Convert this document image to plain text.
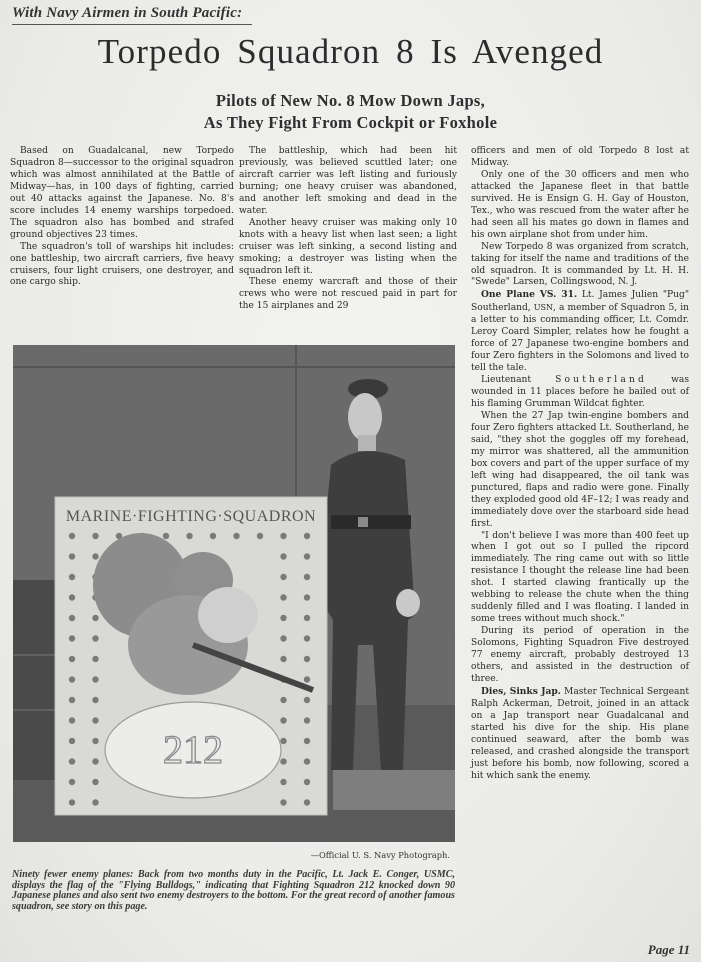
With Navy Airmen in South Pacific:
Torpedo Squadron 8 Is Avenged
Pilots of New No. 8 Mow Down Japs,
As They Fight From Cockpit or Foxhole

Based on Guadalcanal, new Torpedo Squadron 8—successor to the original squadron which was almost annihilated at the Battle of Midway—has, in 100 days of fighting, carried out 40 attacks against the Japanese. No. 8's score includes 14 enemy warships torpedoed. The squadron also has bombed and strafed ground objectives 23 times.

The squadron's toll of warships hit includes: one battleship, two aircraft carriers, five heavy cruisers, four light cruisers, one destroyer, and one cargo ship.

The battleship, which had been hit previously, was believed scuttled later; one aircraft carrier was left listing and furiously burning; one heavy cruiser was abandoned, and another left smoking and dead in the water.

Another heavy cruiser was making only 10 knots with a heavy list when last seen; a light cruiser was left sinking, a second listing and smoking; a destroyer was listing when the squadron left it.

These enemy warcraft and those of their crews who were not rescued paid in part for the 15 airplanes and 29

officers and men of old Torpedo 8 lost at Midway.

Only one of the 30 officers and men who attacked the Japanese fleet in that battle survived. He is Ensign G. H. Gay of Houston, Tex., who was rescued from the water after he had seen all his mates go down in flames and his own airplane shot from under him.

New Torpedo 8 was organized from scratch, taking for itself the name and traditions of the old squadron. It is commanded by Lt. H. H. "Swede" Larsen, Collingswood, N. J.

One Plane VS. 31. Lt. James Julien "Pug" Southerland, USN, a member of Squadron 5, in a letter to his commanding officer, Lt. Comdr. Leroy Coard Simpler, relates how he fought a force of 27 Japanese two-engine bombers and four Zero fighters in the Solomons and lived to tell the tale.

Lieutenant Southerland was wounded in 11 places before he bailed out of his flaming Grumman Wildcat fighter.

When the 27 Jap twin-engine bombers and four Zero fighters attacked Lt. Southerland, he said, "they shot the goggles off my forehead, my mirror was shattered, all the ammunition box covers and part of the upper surface of my left wing had disappeared, the oil tank was punctured, flaps and radio were gone. Finally they exploded good old 4F–12; I was ready and immediately dove over the starboard side head first.

"I don't believe I was more than 400 feet up when I got out so I pulled the ripcord immediately. The ring came out with so little resistance I thought the release line had been shot. I started clawing frantically up the webbing to release the chute when the thing suddenly filled and I was floating. I landed in some trees without much shock."

During its period of operation in the Solomons, Fighting Squadron Five destroyed 77 enemy aircraft, probably destroyed 13 others, and assisted in the destruction of three.

Dies, Sinks Jap. Master Technical Sergeant Ralph Ackerman, Detroit, joined in an attack on a Jap transport near Guadalcanal and started his dive for the ship. His plane continued seaward, after the bomb was released, and crashed alongside the transport just before his bomb, now following, scored a hit which sank the enemy.

MARINE·FIGHTING·SQUADRON
212
—Official U. S. Navy Photograph.
Ninety fewer enemy planes: Back from two months duty in the Pacific, Lt. Jack E. Conger, USMC, displays the flag of the "Flying Bulldogs," indicating that Fighting Squadron 212 knocked down 90 Japanese planes and also sent two enemy destroyers to the bottom. For the great record of another famous squadron, see story on this page.
Page 11
